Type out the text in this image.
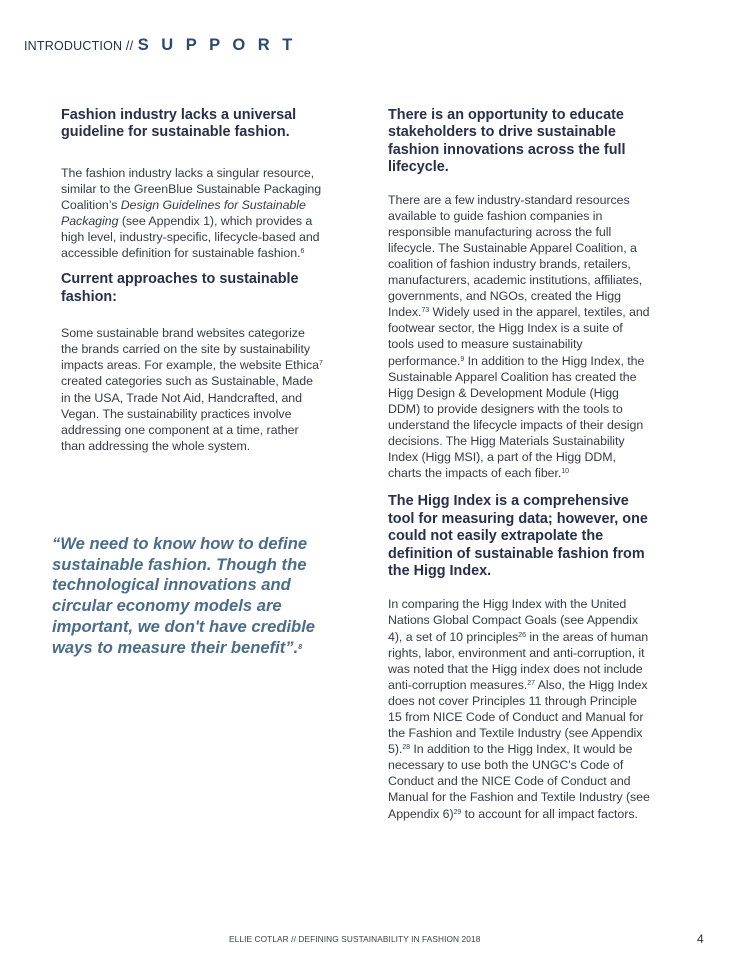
INTRODUCTION // S U P P O R T
Fashion industry lacks a universal guideline for sustainable fashion.

The fashion industry lacks a singular resource, similar to the GreenBlue Sustainable Packaging Coalition’s Design Guidelines for Sustainable Packaging (see Appendix 1), which provides a high level, industry-specific, lifecycle-based and accessible definition for sustainable fashion.$^6$

Current approaches to sustainable fashion:

Some sustainable brand websites categorize the brands carried on the site by sustainability impacts areas. For example, the website Ethica$^7$ created categories such as Sustainable, Made in the USA, Trade Not Aid, Handcrafted, and Vegan. The sustainability practices involve addressing one component at a time, rather than addressing the whole system.

“We need to know how to define sustainable fashion. Though the technological innovations and circular economy models are important, we don't have credible ways to measure their benefit”.$^8$
There is an opportunity to educate stakeholders to drive sustainable fashion innovations across the full lifecycle.

There are a few industry-standard resources available to guide fashion companies in responsible manufacturing across the full lifecycle. The Sustainable Apparel Coalition, a coalition of fashion industry brands, retailers, manufacturers, academic institutions, affiliates, governments, and NGOs, created the Higg Index.$^{73}$ Widely used in the apparel, textiles, and footwear sector, the Higg Index is a suite of tools used to measure sustainability performance.$^9$ In addition to the Higg Index, the Sustainable Apparel Coalition has created the Higg Design & Development Module (Higg DDM) to provide designers with the tools to understand the lifecycle impacts of their design decisions. The Higg Materials Sustainability Index (Higg MSI), a part of the Higg DDM, charts the impacts of each fiber.$^{10}$

The Higg Index is a comprehensive tool for measuring data; however, one could not easily extrapolate the definition of sustainable fashion from the Higg Index.

In comparing the Higg Index with the United Nations Global Compact Goals (see Appendix 4), a set of 10 principles$^{26}$ in the areas of human rights, labor, environment and anti-corruption, it was noted that the Higg index does not include anti-corruption measures.$^{27}$ Also, the Higg Index does not cover Principles 11 through Principle 15 from NICE Code of Conduct and Manual for the Fashion and Textile Industry (see Appendix 5).$^{28}$ In addition to the Higg Index, It would be necessary to use both the UNGC's Code of Conduct and the NICE Code of Conduct and Manual for the Fashion and Textile Industry (see Appendix 6)$^{29}$ to account for all impact factors.

ELLIE COTLAR // DEFINING SUSTAINABILITY IN FASHION 2018	4
